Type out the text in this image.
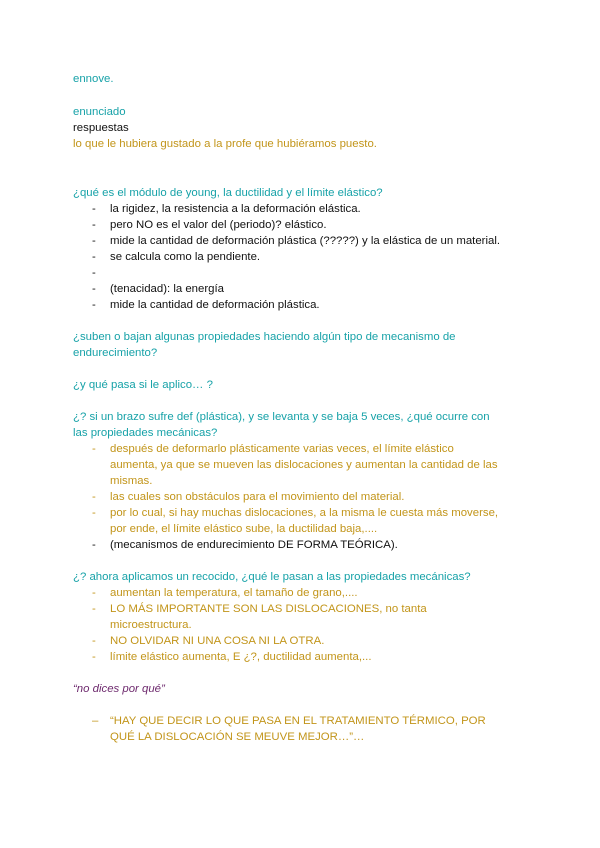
ennove.
enunciado
respuestas
lo que le hubiera gustado a la profe que hubiéramos puesto.
¿qué es el módulo de young, la ductilidad y el límite elástico?
- la rigidez, la resistencia a la deformación elástica.
- pero NO es el valor del (periodo)? elástico.
- mide la cantidad de deformación plástica (?????) y la elástica de un material.
- se calcula como la pendiente.
-
- (tenacidad): la energía
- mide la cantidad de deformación plástica.
¿suben o bajan algunas propiedades haciendo algún tipo de mecanismo de
endurecimiento?
¿y qué pasa si le aplico… ?
¿? si un brazo sufre def (plástica), y se levanta y se baja 5 veces, ¿qué ocurre con
las propiedades mecánicas?
- después de deformarlo plásticamente varias veces, el límite elástico
aumenta, ya que se mueven las dislocaciones y aumentan la cantidad de las
mismas.
- las cuales son obstáculos para el movimiento del material.
- por lo cual, si hay muchas dislocaciones, a la misma le cuesta más moverse,
por ende, el límite elástico sube, la ductilidad baja,....
- (mecanismos de endurecimiento DE FORMA TEÓRICA).
¿? ahora aplicamos un recocido, ¿qué le pasan a las propiedades mecánicas?
- aumentan la temperatura, el tamaño de grano,....
- LO MÁS IMPORTANTE SON LAS DISLOCACIONES, no tanta
microestructura.
- NO OLVIDAR NI UNA COSA NI LA OTRA.
- límite elástico aumenta, E ¿?, ductilidad aumenta,...
“no dices por qué”
– “HAY QUE DECIR LO QUE PASA EN EL TRATAMIENTO TÉRMICO, POR
QUÉ LA DISLOCACIÓN SE MEUVE MEJOR…”…
